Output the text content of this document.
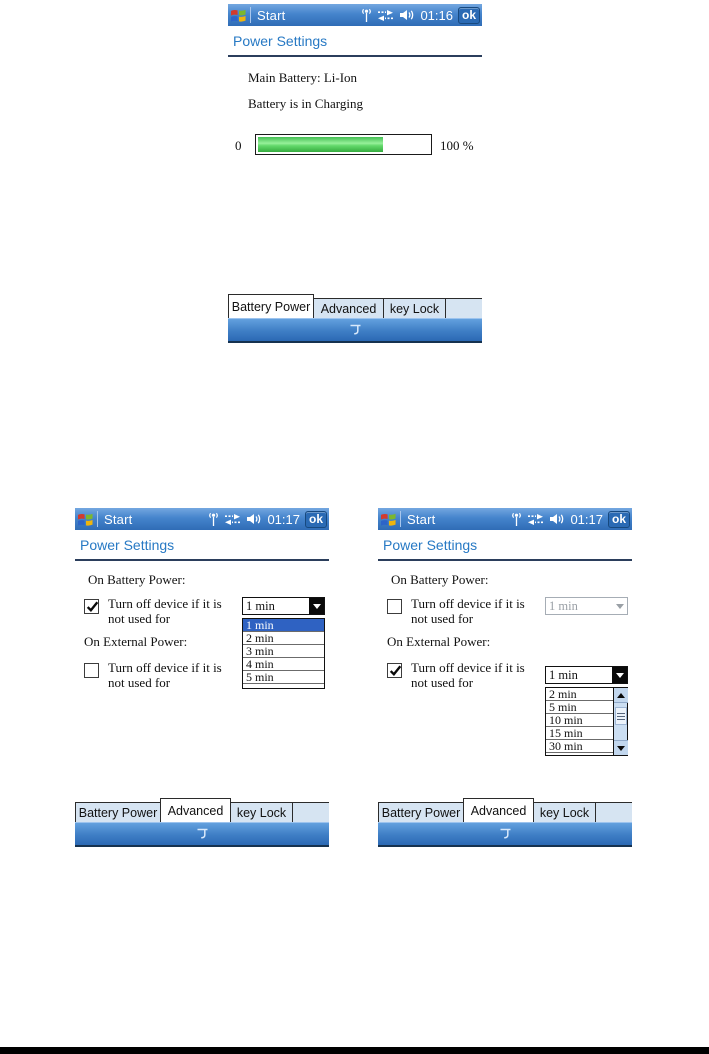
Start	01:16 ok
Power Settings
Main Battery: Li-Ion
Battery is in Charging
0	100 %
Battery Power Advanced	key Lock
Start	01:17 ok
Power Settings
On Battery Power:
Turn off device if it is not used for
1 min
1 min
2 min
3 min
4 min
5 min
On External Power:
Turn off device if it is not used for
Battery Power Advanced	key Lock
Start	01:17 ok
Power Settings
On Battery Power:
Turn off device if it is not used for
1 min
On External Power:
Turn off device if it is not used for	1 min
2 min
5 min
10 min
15 min
30 min
Battery Power Advanced	key Lock
